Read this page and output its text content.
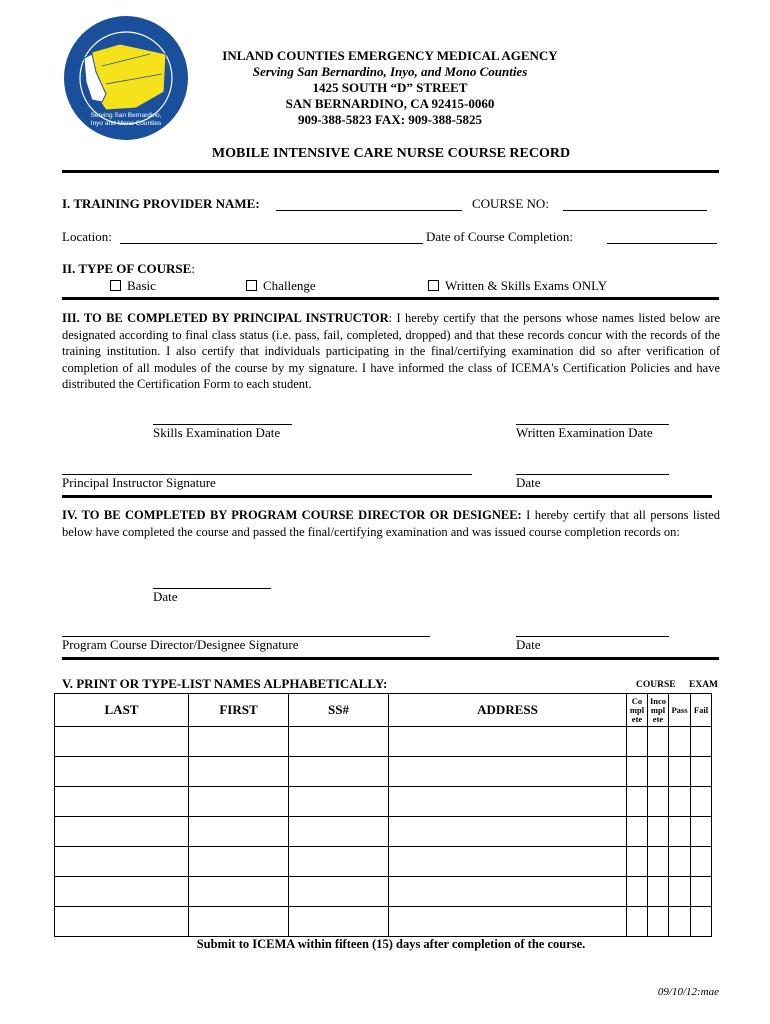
Serving San Bernardino,
Inyo and Mono Counties
INLAND COUNTIES EMERGENCY MEDICAL AGENCY
Serving San Bernardino, Inyo, and Mono Counties
1425 SOUTH “D” STREET
SAN BERNARDINO, CA 92415-0060
909-388-5823 FAX: 909-388-5825
MOBILE INTENSIVE CARE NURSE COURSE RECORD
I. TRAINING PROVIDER NAME:	COURSE NO:
Location:	Date of Course Completion:
II. TYPE OF COURSE:
Basic	Challenge	Written & Skills Exams ONLY
III. TO BE COMPLETED BY PRINCIPAL INSTRUCTOR: I hereby certify that the persons whose names listed below are designated according to final class status (i.e. pass, fail, completed, dropped) and that these records concur with the records of the training institution. I also certify that individuals participating in the final/certifying examination did so after verification of completion of all modules of the course by my signature. I have informed the class of ICEMA's Certification Policies and have distributed the Certification Form to each student.
Skills Examination Date	Written Examination Date
Principal Instructor Signature	Date
IV. TO BE COMPLETED BY PROGRAM COURSE DIRECTOR OR DESIGNEE: I hereby certify that all persons listed below have completed the course and passed the final/certifying examination and was issued course completion records on:
Date
Program Course Director/Designee Signature	Date
V. PRINT OR TYPE-LIST NAMES ALPHABETICALLY:	COURSE EXAM
LAST	FIRST	SS#	ADDRESS	Co mpl ete	Inco mpl ete	Pass	Fail

Submit to ICEMA within fifteen (15) days after completion of the course.
09/10/12:mae
